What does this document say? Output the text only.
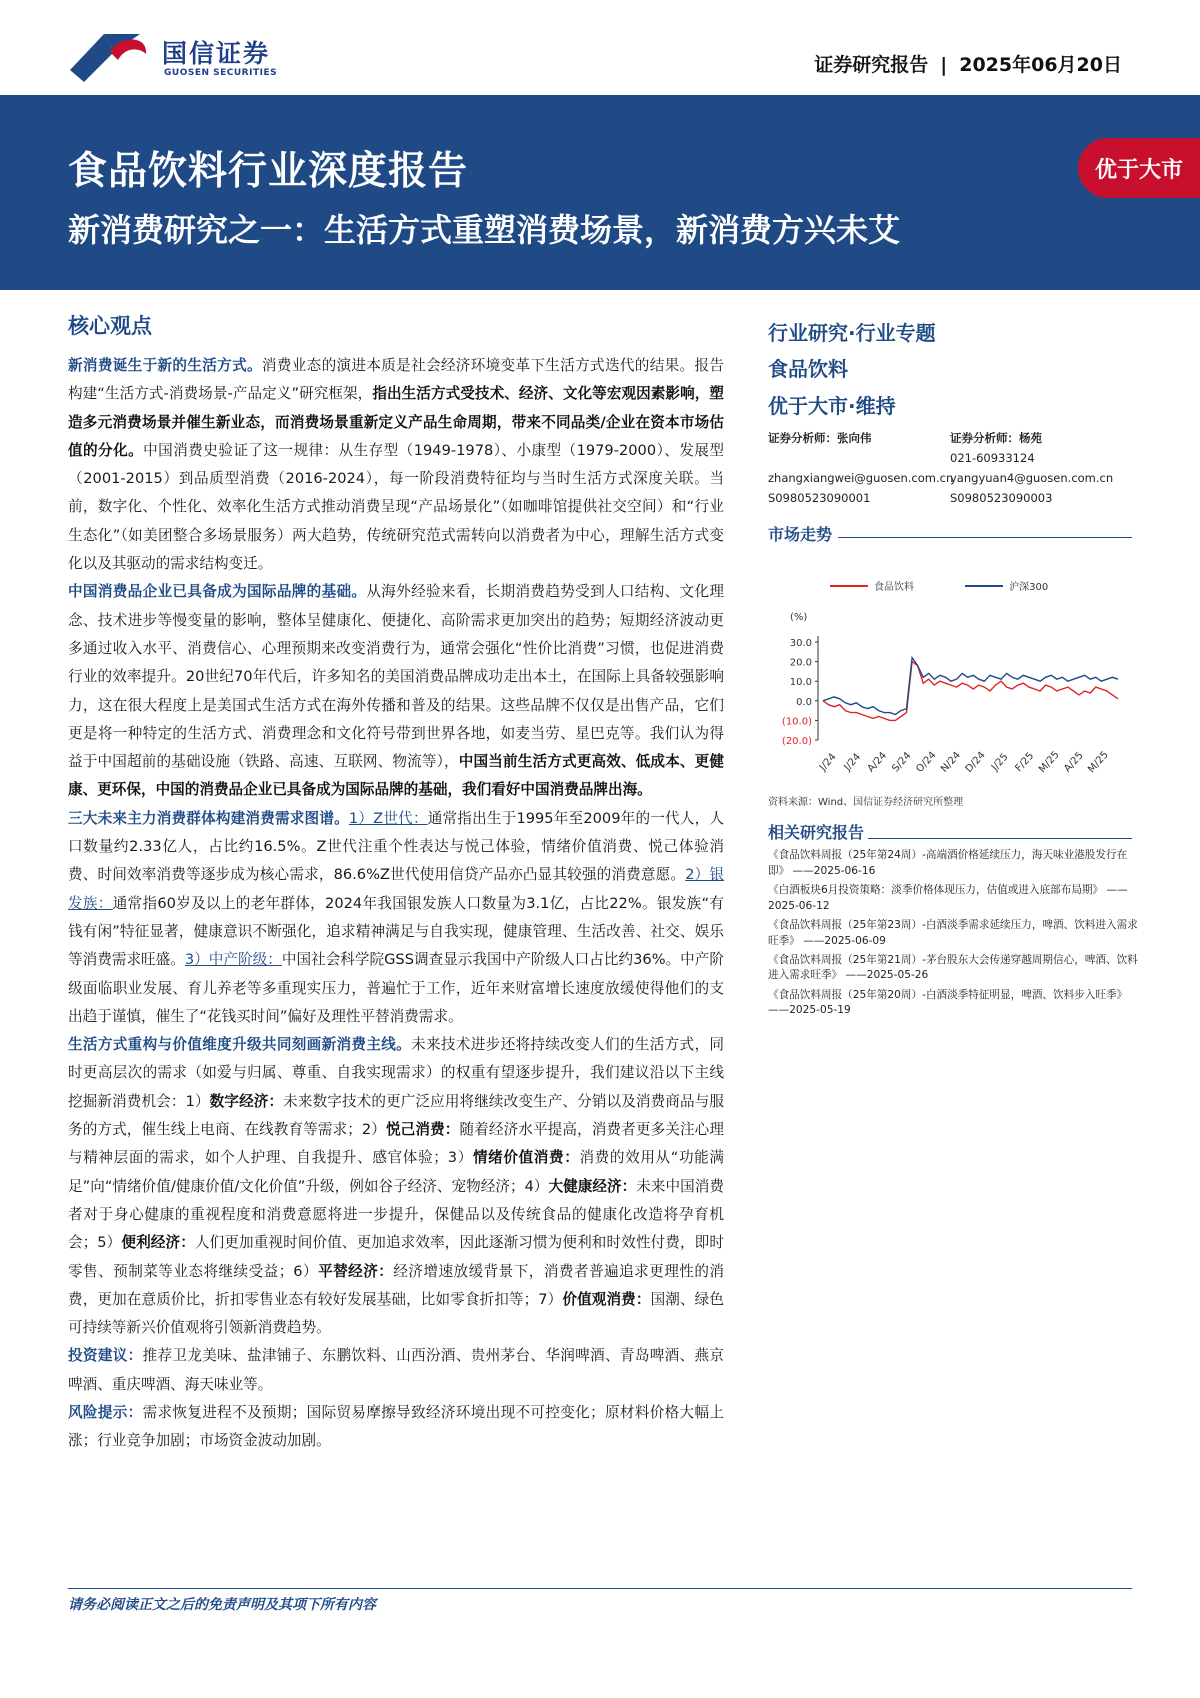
国信证券
GUOSEN SECURITIES	证券研究报告 | 2025年06月20日
食品饮料行业深度报告
新消费研究之一：生活方式重塑消费场景，新消费方兴未艾
优于大市
核心观点

新消费诞生于新的生活方式。消费业态的演进本质是社会经济环境变革下生活方式迭代的结果。报告构建“生活方式-消费场景-产品定义”研究框架，指出生活方式受技术、经济、文化等宏观因素影响，塑造多元消费场景并催生新业态，而消费场景重新定义产品生命周期，带来不同品类/企业在资本市场估值的分化。中国消费史验证了这一规律：从生存型（1949-1978）、小康型（1979-2000）、发展型（2001-2015）到品质型消费（2016-2024），每一阶段消费特征均与当时生活方式深度关联。当前，数字化、个性化、效率化生活方式推动消费呈现“产品场景化”（如咖啡馆提供社交空间）和“行业生态化”（如美团整合多场景服务）两大趋势，传统研究范式需转向以消费者为中心，理解生活方式变化以及其驱动的需求结构变迁。

中国消费品企业已具备成为国际品牌的基础。从海外经验来看，长期消费趋势受到人口结构、文化理念、技术进步等慢变量的影响，整体呈健康化、便捷化、高阶需求更加突出的趋势；短期经济波动更多通过收入水平、消费信心、心理预期来改变消费行为，通常会强化“性价比消费”习惯，也促进消费行业的效率提升。20世纪70年代后，许多知名的美国消费品牌成功走出本土，在国际上具备较强影响力，这在很大程度上是美国式生活方式在海外传播和普及的结果。这些品牌不仅仅是出售产品，它们更是将一种特定的生活方式、消费理念和文化符号带到世界各地，如麦当劳、星巴克等。我们认为得益于中国超前的基础设施（铁路、高速、互联网、物流等），中国当前生活方式更高效、低成本、更健康、更环保，中国的消费品企业已具备成为国际品牌的基础，我们看好中国消费品牌出海。

三大未来主力消费群体构建消费需求图谱。1）Z世代：通常指出生于1995年至2009年的一代人，人口数量约2.33亿人，占比约16.5%。Z世代注重个性表达与悦己体验，情绪价值消费、悦己体验消费、时间效率消费等逐步成为核心需求，86.6%Z世代使用信贷产品亦凸显其较强的消费意愿。2）银发族：通常指60岁及以上的老年群体，2024年我国银发族人口数量为3.1亿，占比22%。银发族“有钱有闲”特征显著，健康意识不断强化，追求精神满足与自我实现，健康管理、生活改善、社交、娱乐等消费需求旺盛。3）中产阶级：中国社会科学院GSS调查显示我国中产阶级人口占比约36%。中产阶级面临职业发展、育儿养老等多重现实压力，普遍忙于工作，近年来财富增长速度放缓使得他们的支出趋于谨慎，催生了“花钱买时间”偏好及理性平替消费需求。

生活方式重构与价值维度升级共同刻画新消费主线。未来技术进步还将持续改变人们的生活方式，同时更高层次的需求（如爱与归属、尊重、自我实现需求）的权重有望逐步提升，我们建议沿以下主线挖掘新消费机会：1）数字经济：未来数字技术的更广泛应用将继续改变生产、分销以及消费商品与服务的方式，催生线上电商、在线教育等需求；2）悦己消费：随着经济水平提高，消费者更多关注心理与精神层面的需求，如个人护理、自我提升、感官体验；3）情绪价值消费：消费的效用从“功能满足”向“情绪价值/健康价值/文化价值”升级，例如谷子经济、宠物经济；4）大健康经济：未来中国消费者对于身心健康的重视程度和消费意愿将进一步提升，保健品以及传统食品的健康化改造将孕育机会；5）便利经济：人们更加重视时间价值、更加追求效率，因此逐渐习惯为便利和时效性付费，即时零售、预制菜等业态将继续受益；6）平替经济：经济增速放缓背景下，消费者普遍追求更理性的消费，更加在意质价比，折扣零售业态有较好发展基础，比如零食折扣等；7）价值观消费：国潮、绿色可持续等新兴价值观将引领新消费趋势。

投资建议：推荐卫龙美味、盐津铺子、东鹏饮料、山西汾酒、贵州茅台、华润啤酒、青岛啤酒、燕京啤酒、重庆啤酒、海天味业等。

风险提示：需求恢复进程不及预期；国际贸易摩擦导致经济环境出现不可控变化；原材料价格大幅上涨；行业竞争加剧；市场资金波动加剧。

行业研究·行业专题
食品饮料
优于大市·维持
证券分析师：张向伟

zhangxiangwei@guosen.com.cn
S0980523090001
证券分析师：杨苑
021-60933124
yangyuan4@guosen.com.cn
S0980523090003
市场走势
食品饮料
	沪深300
(%)
30.0
20.0
10.0
0.0
(10.0)
(20.0)
J/24 J/24 A/24 S/24 O/24 N/24 D/24 J/25 F/25 M/25 A/25 M/25
资料来源：Wind、国信证券经济研究所整理
相关研究报告
《食品饮料周报（25年第24周）-高端酒价格延续压力，海天味业港股发行在即》 ——2025-06-16
《白酒板块6月投资策略：淡季价格体现压力，估值或进入底部布局期》 ——2025-06-12
《食品饮料周报（25年第23周）-白酒淡季需求延续压力，啤酒、饮料进入需求旺季》 ——2025-06-09
《食品饮料周报（25年第21周）-茅台股东大会传递穿越周期信心，啤酒、饮料进入需求旺季》 ——2025-05-26
《食品饮料周报（25年第20周）-白酒淡季特征明显，啤酒、饮料步入旺季》 ——2025-05-19
请务必阅读正文之后的免责声明及其项下所有内容
